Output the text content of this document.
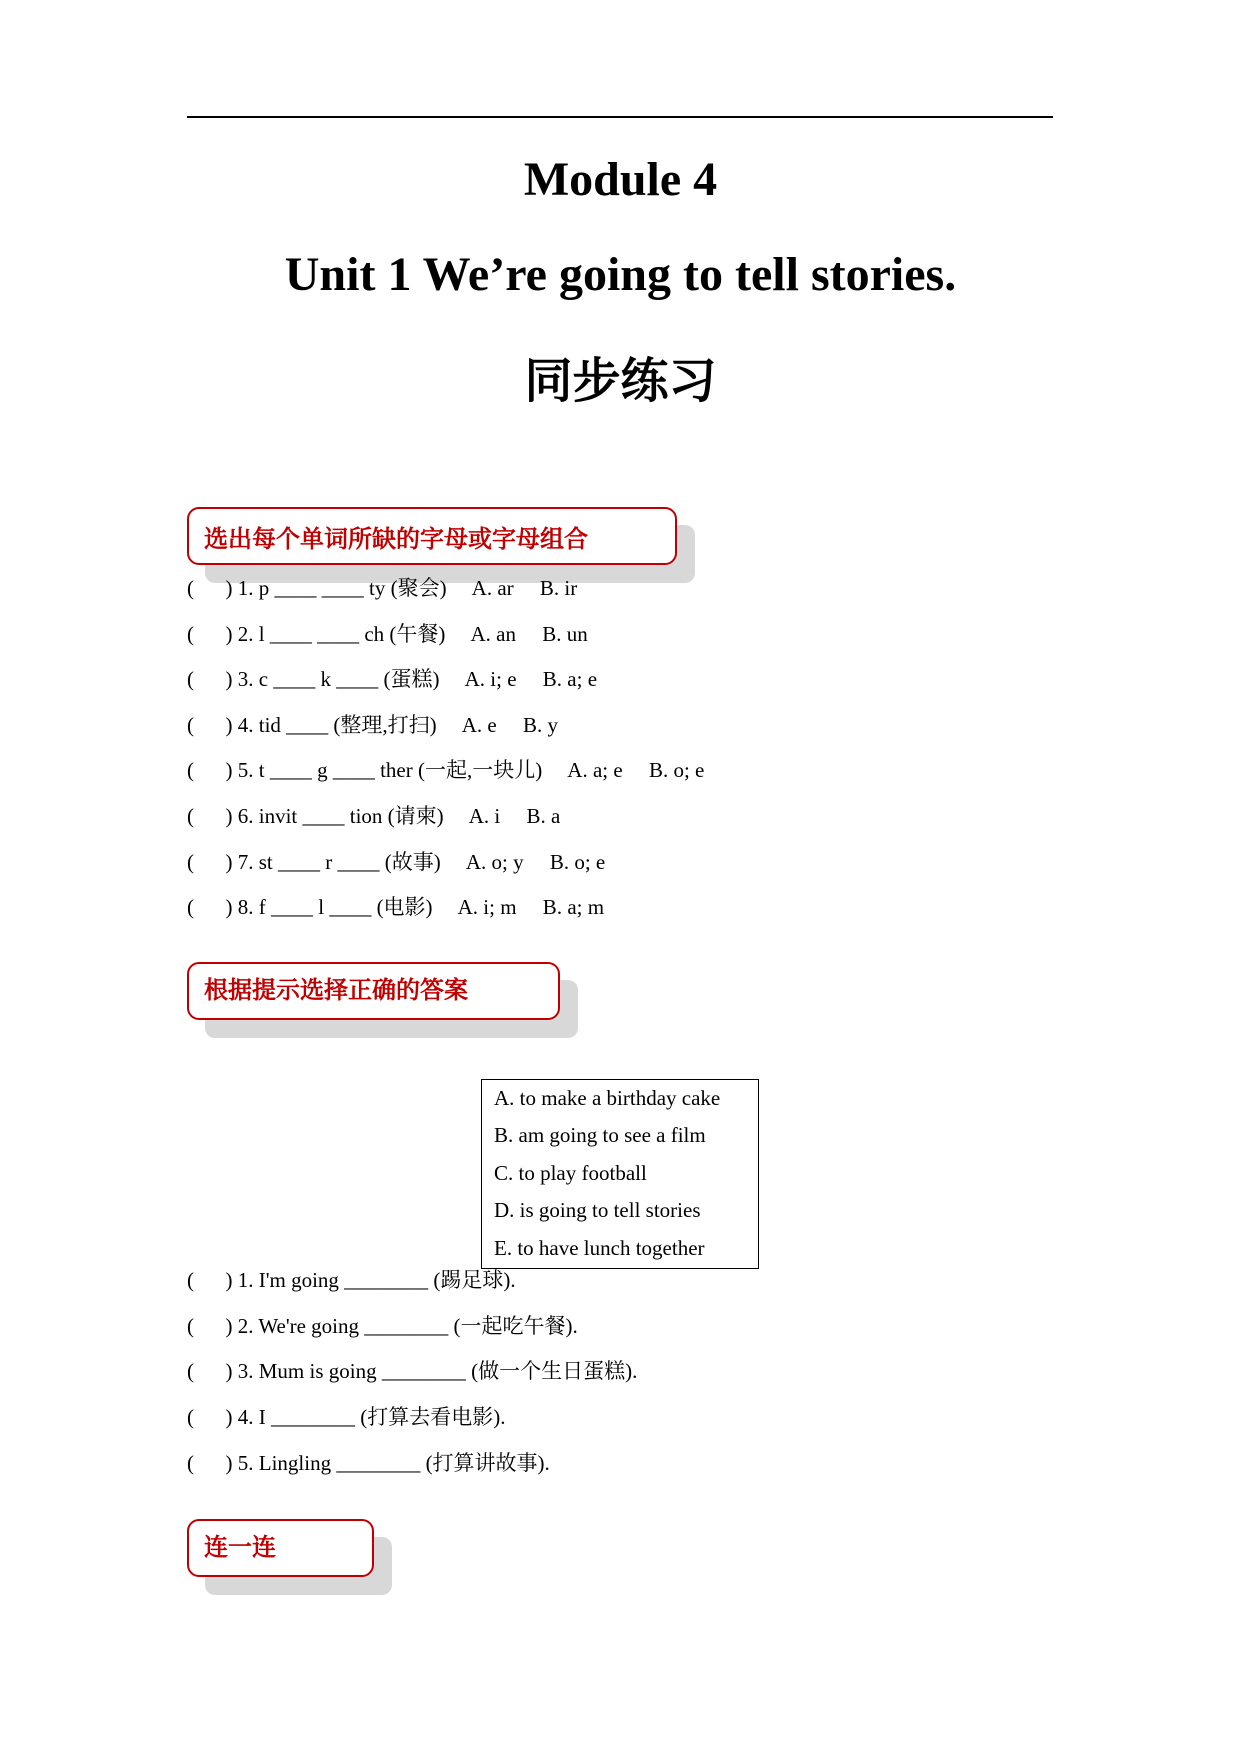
Module 4
Unit 1 We’re going to tell stories.
同步练习
选出每个单词所缺的字母或字母组合
(      ) 1. p ____ ____ ty (聚会)     A. ar     B. ir
(      ) 2. l ____ ____ ch (午餐)     A. an     B. un
(      ) 3. c ____ k ____ (蛋糕)     A. i; e     B. a; e
(      ) 4. tid ____ (整理,打扫)     A. e     B. y
(      ) 5. t ____ g ____ ther (一起,一块儿)     A. a; e     B. o; e
(      ) 6. invit ____ tion (请柬)     A. i     B. a
(      ) 7. st ____ r ____ (故事)     A. o; y     B. o; e
(      ) 8. f ____ l ____ (电影)     A. i; m     B. a; m
根据提示选择正确的答案
A. to make a birthday cake
B. am going to see a film
C. to play football
D. is going to tell stories
E. to have lunch together
(      ) 1. I'm going ________ (踢足球).
(      ) 2. We're going ________ (一起吃午餐).
(      ) 3. Mum is going ________ (做一个生日蛋糕).
(      ) 4. I ________ (打算去看电影).
(      ) 5. Lingling ________ (打算讲故事).
连一连
